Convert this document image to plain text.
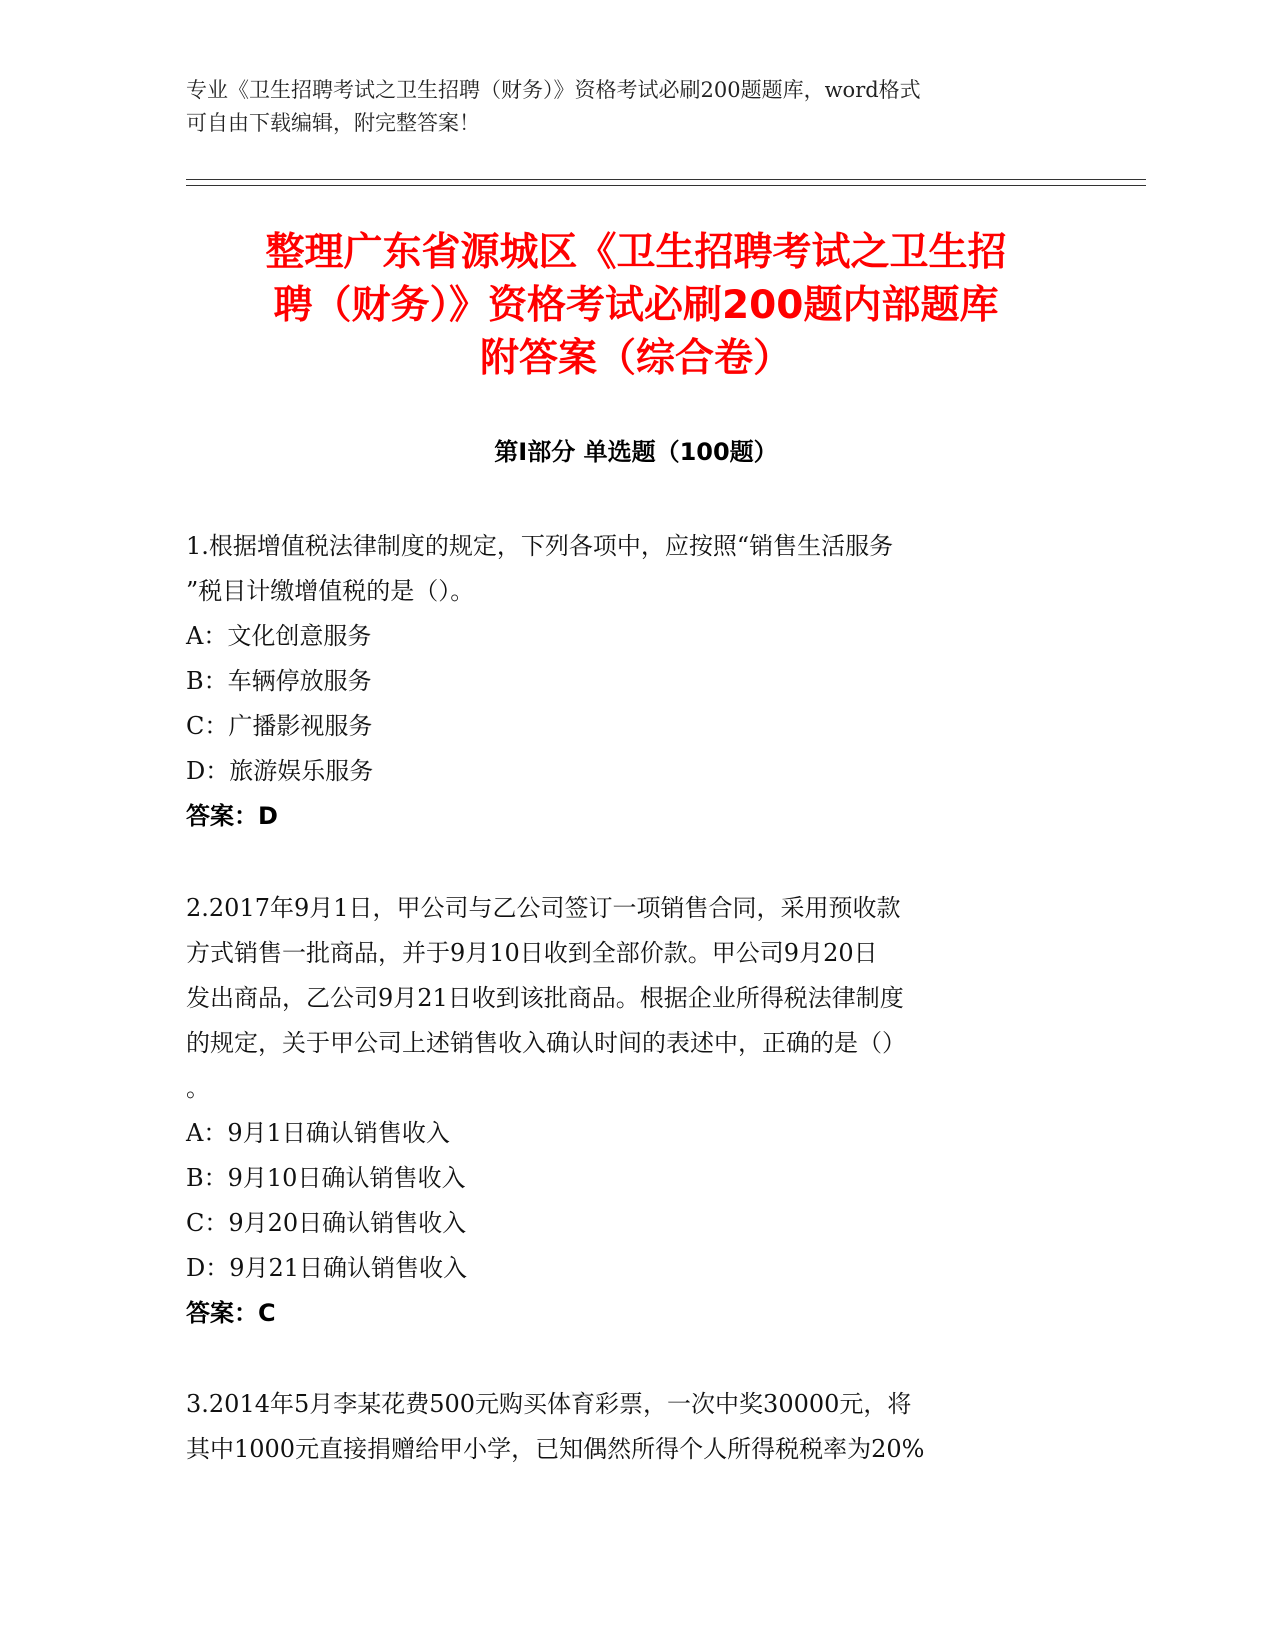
专业《卫生招聘考试之卫生招聘（财务）》资格考试必刷200题题库，word格式
可自由下载编辑，附完整答案！
整理广东省源城区《卫生招聘考试之卫生招
聘（财务）》资格考试必刷200题内部题库
附答案（综合卷）
第Ⅰ部分 单选题（100题）

1.根据增值税法律制度的规定，下列各项中，应按照“销售生活服务

”税目计缴增值税的是（）。

A：文化创意服务

B：车辆停放服务

C：广播影视服务

D：旅游娱乐服务

答案：D

2.2017年9月1日，甲公司与乙公司签订一项销售合同，采用预收款

方式销售一批商品，并于9月10日收到全部价款。甲公司9月20日

发出商品，乙公司9月21日收到该批商品。根据企业所得税法律制度

的规定，关于甲公司上述销售收入确认时间的表述中，正确的是（）

。

A：9月1日确认销售收入

B：9月10日确认销售收入

C：9月20日确认销售收入

D：9月21日确认销售收入

答案：C

3.2014年5月李某花费500元购买体育彩票，一次中奖30000元，将

其中1000元直接捐赠给甲小学，已知偶然所得个人所得税税率为20%
